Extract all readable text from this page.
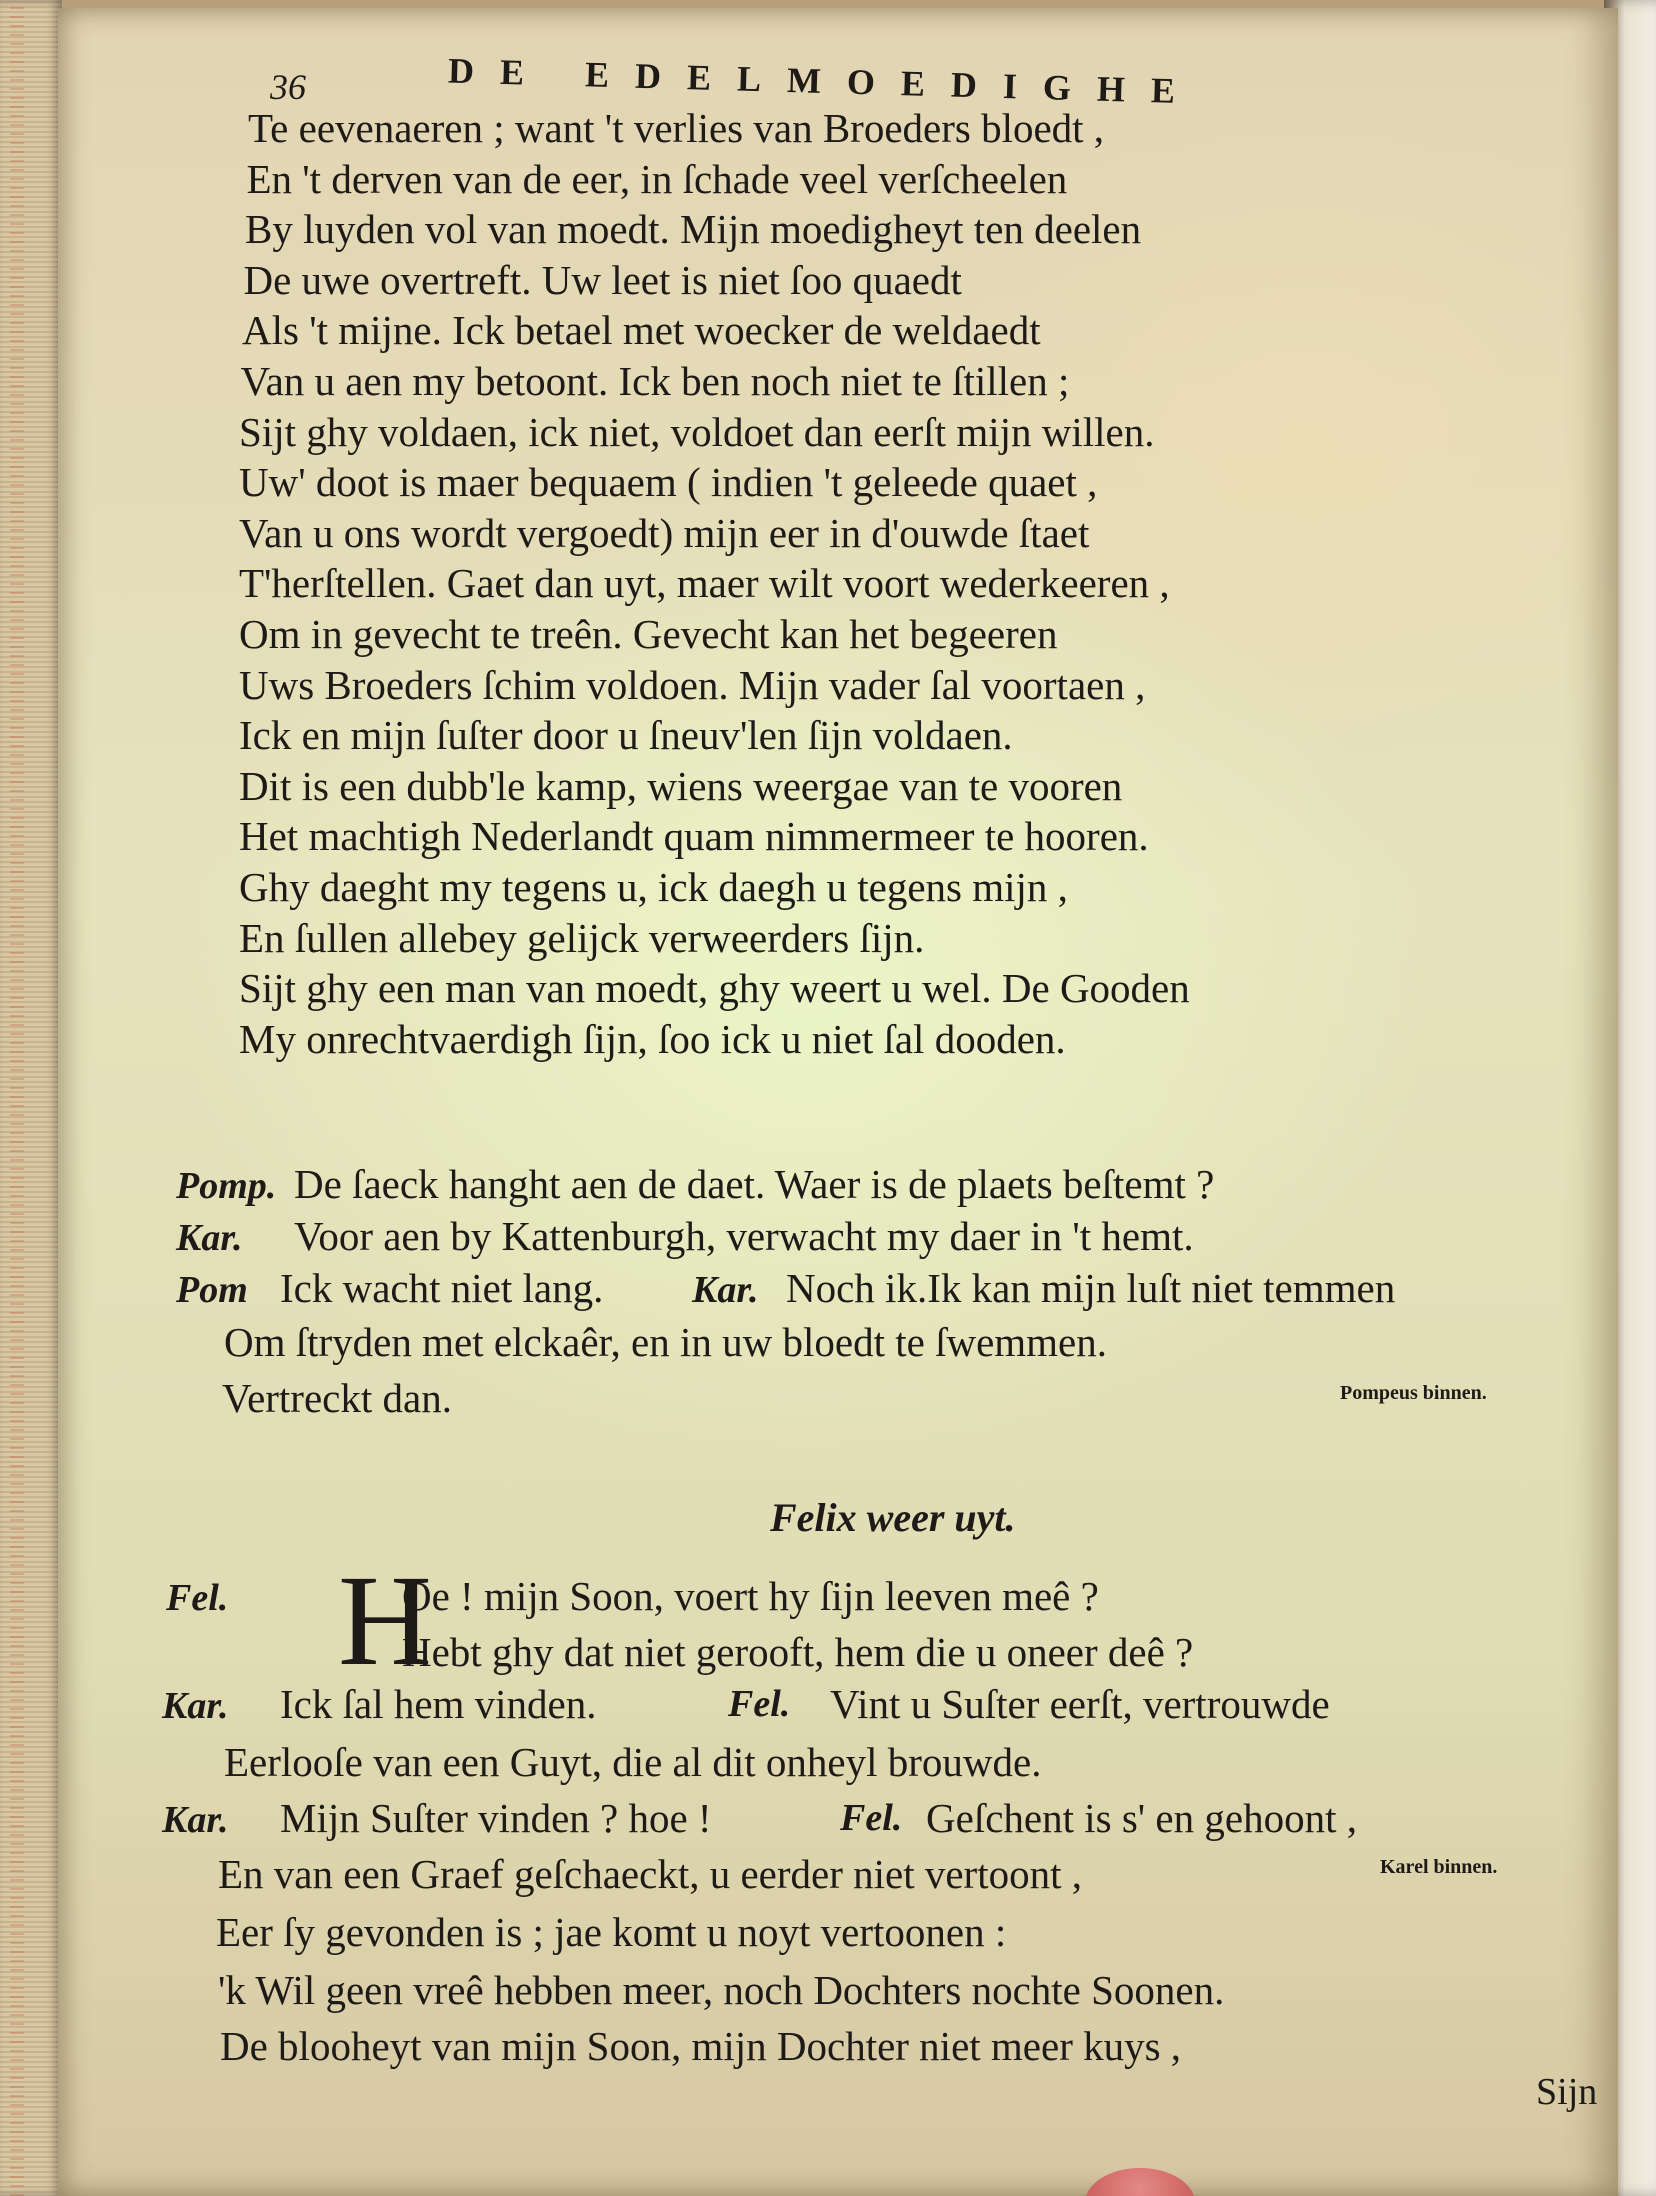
36	DE EDELMOEDIGHE
Te eevenaeren ; want 't verlies van Broeders bloedt ,
En 't derven van de eer, in ſchade veel verſcheelen
By luyden vol van moedt. Mijn moedigheyt ten deelen
De uwe overtreft. Uw leet is niet ſoo quaedt
Als 't mijne. Ick betael met woecker de weldaedt
Van u aen my betoont. Ick ben noch niet te ſtillen ;
Sijt ghy voldaen, ick niet, voldoet dan eerſt mijn willen.
Uw' doot is maer bequaem ( indien 't geleede quaet ,
Van u ons wordt vergoedt) mijn eer in d'ouwde ſtaet
T'herſtellen. Gaet dan uyt, maer wilt voort wederkeeren ,
Om in gevecht te treên. Gevecht kan het begeeren
Uws Broeders ſchim voldoen. Mijn vader ſal voortaen ,
Ick en mijn ſuſter door u ſneuv'len ſijn voldaen.
Dit is een dubb'le kamp, wiens weergae van te vooren
Het machtigh Nederlandt quam nimmermeer te hooren.
Ghy daeght my tegens u, ick daegh u tegens mijn ,
En ſullen allebey gelijck verweerders ſijn.
Sijt ghy een man van moedt, ghy weert u wel. De Gooden
My onrechtvaerdigh ſijn, ſoo ick u niet ſal dooden.
Pomp. De ſaeck hanght aen de daet. Waer is de plaets beſtemt ?
Kar. Voor aen by Kattenburgh, verwacht my daer in 't hemt.
Pom Ick wacht niet lang. Kar. Noch ik.Ik kan mijn luſt niet temmen
Om ſtryden met elckaêr, en in uw bloedt te ſwemmen.
Vertreckt dan.	Pompeus binnen.
Felix weer uyt.
Fel. H
Oe ! mijn Soon, voert hy ſijn leeven meê ?
Hebt ghy dat niet gerooft, hem die u oneer deê ?
Kar. Ick ſal hem vinden.	Fel. Vint u Suſter eerſt, vertrouwde
Eerlooſe van een Guyt, die al dit onheyl brouwde.
Kar. Mijn Suſter vinden ? hoe !	Fel. Geſchent is s' en gehoont ,
En van een Graef geſchaeckt, u eerder niet vertoont ,	Karel binnen.
Eer ſy gevonden is ; jae komt u noyt vertoonen :
'k Wil geen vreê hebben meer, noch Dochters nochte Soonen.
De blooheyt van mijn Soon, mijn Dochter niet meer kuys ,
Sijn
